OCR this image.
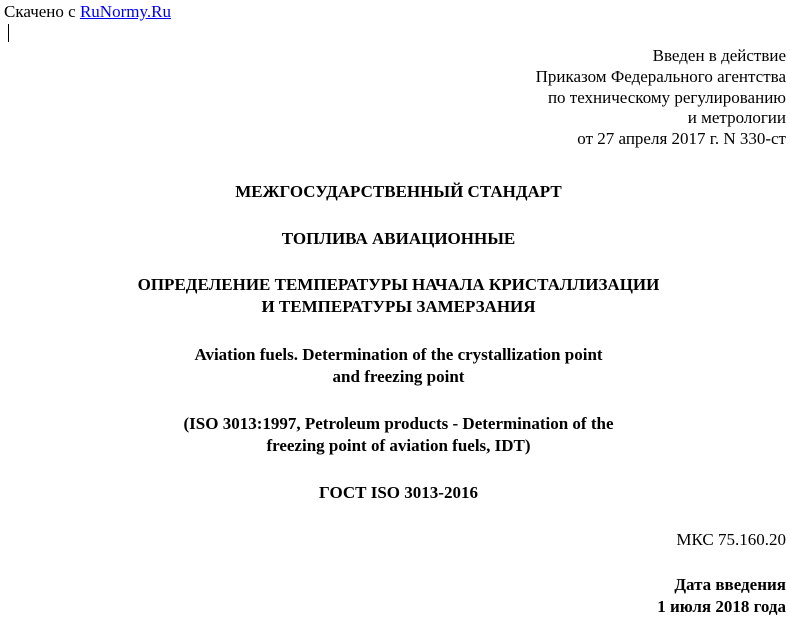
Скачено с RuNormy.Ru
Введен в действие
Приказом Федерального агентства
по техническому регулированию
и метрологии
от 27 апреля 2017 г. N 330-ст
МЕЖГОСУДАРСТВЕННЫЙ СТАНДАРТ
ТОПЛИВА АВИАЦИОННЫЕ
ОПРЕДЕЛЕНИЕ ТЕМПЕРАТУРЫ НАЧАЛА КРИСТАЛЛИЗАЦИИ
И ТЕМПЕРАТУРЫ ЗАМЕРЗАНИЯ
Aviation fuels. Determination of the crystallization point
and freezing point
(ISO 3013:1997, Petroleum products - Determination of the
freezing point of aviation fuels, IDT)
ГОСТ ISO 3013-2016
МКС 75.160.20
Дата введения
1 июля 2018 года
